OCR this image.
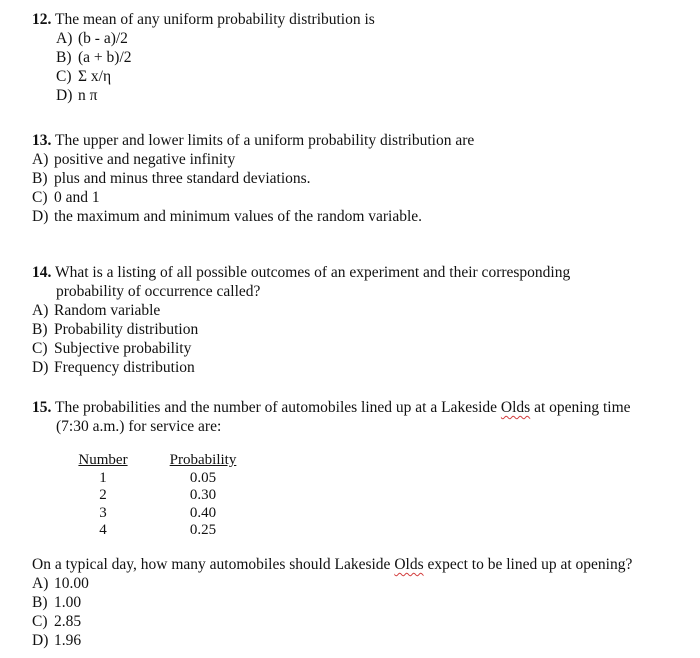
12. The mean of any uniform probability distribution is
A) (b - a)/2
B) (a + b)/2
C) Σ x/η
D) n π
13. The upper and lower limits of a uniform probability distribution are
A) positive and negative infinity
B) plus and minus three standard deviations.
C) 0 and 1
D) the maximum and minimum values of the random variable.
14. What is a listing of all possible outcomes of an experiment and their corresponding
probability of occurrence called?
A) Random variable
B) Probability distribution
C) Subjective probability
D) Frequency distribution
15. The probabilities and the number of automobiles lined up at a Lakeside Olds at opening time
(7:30 a.m.) for service are:
Number		Probability
1		0.05
2		0.30
3		0.40
4		0.25
On a typical day, how many automobiles should Lakeside Olds expect to be lined up at opening?
A) 10.00
B) 1.00
C) 2.85
D) 1.96
